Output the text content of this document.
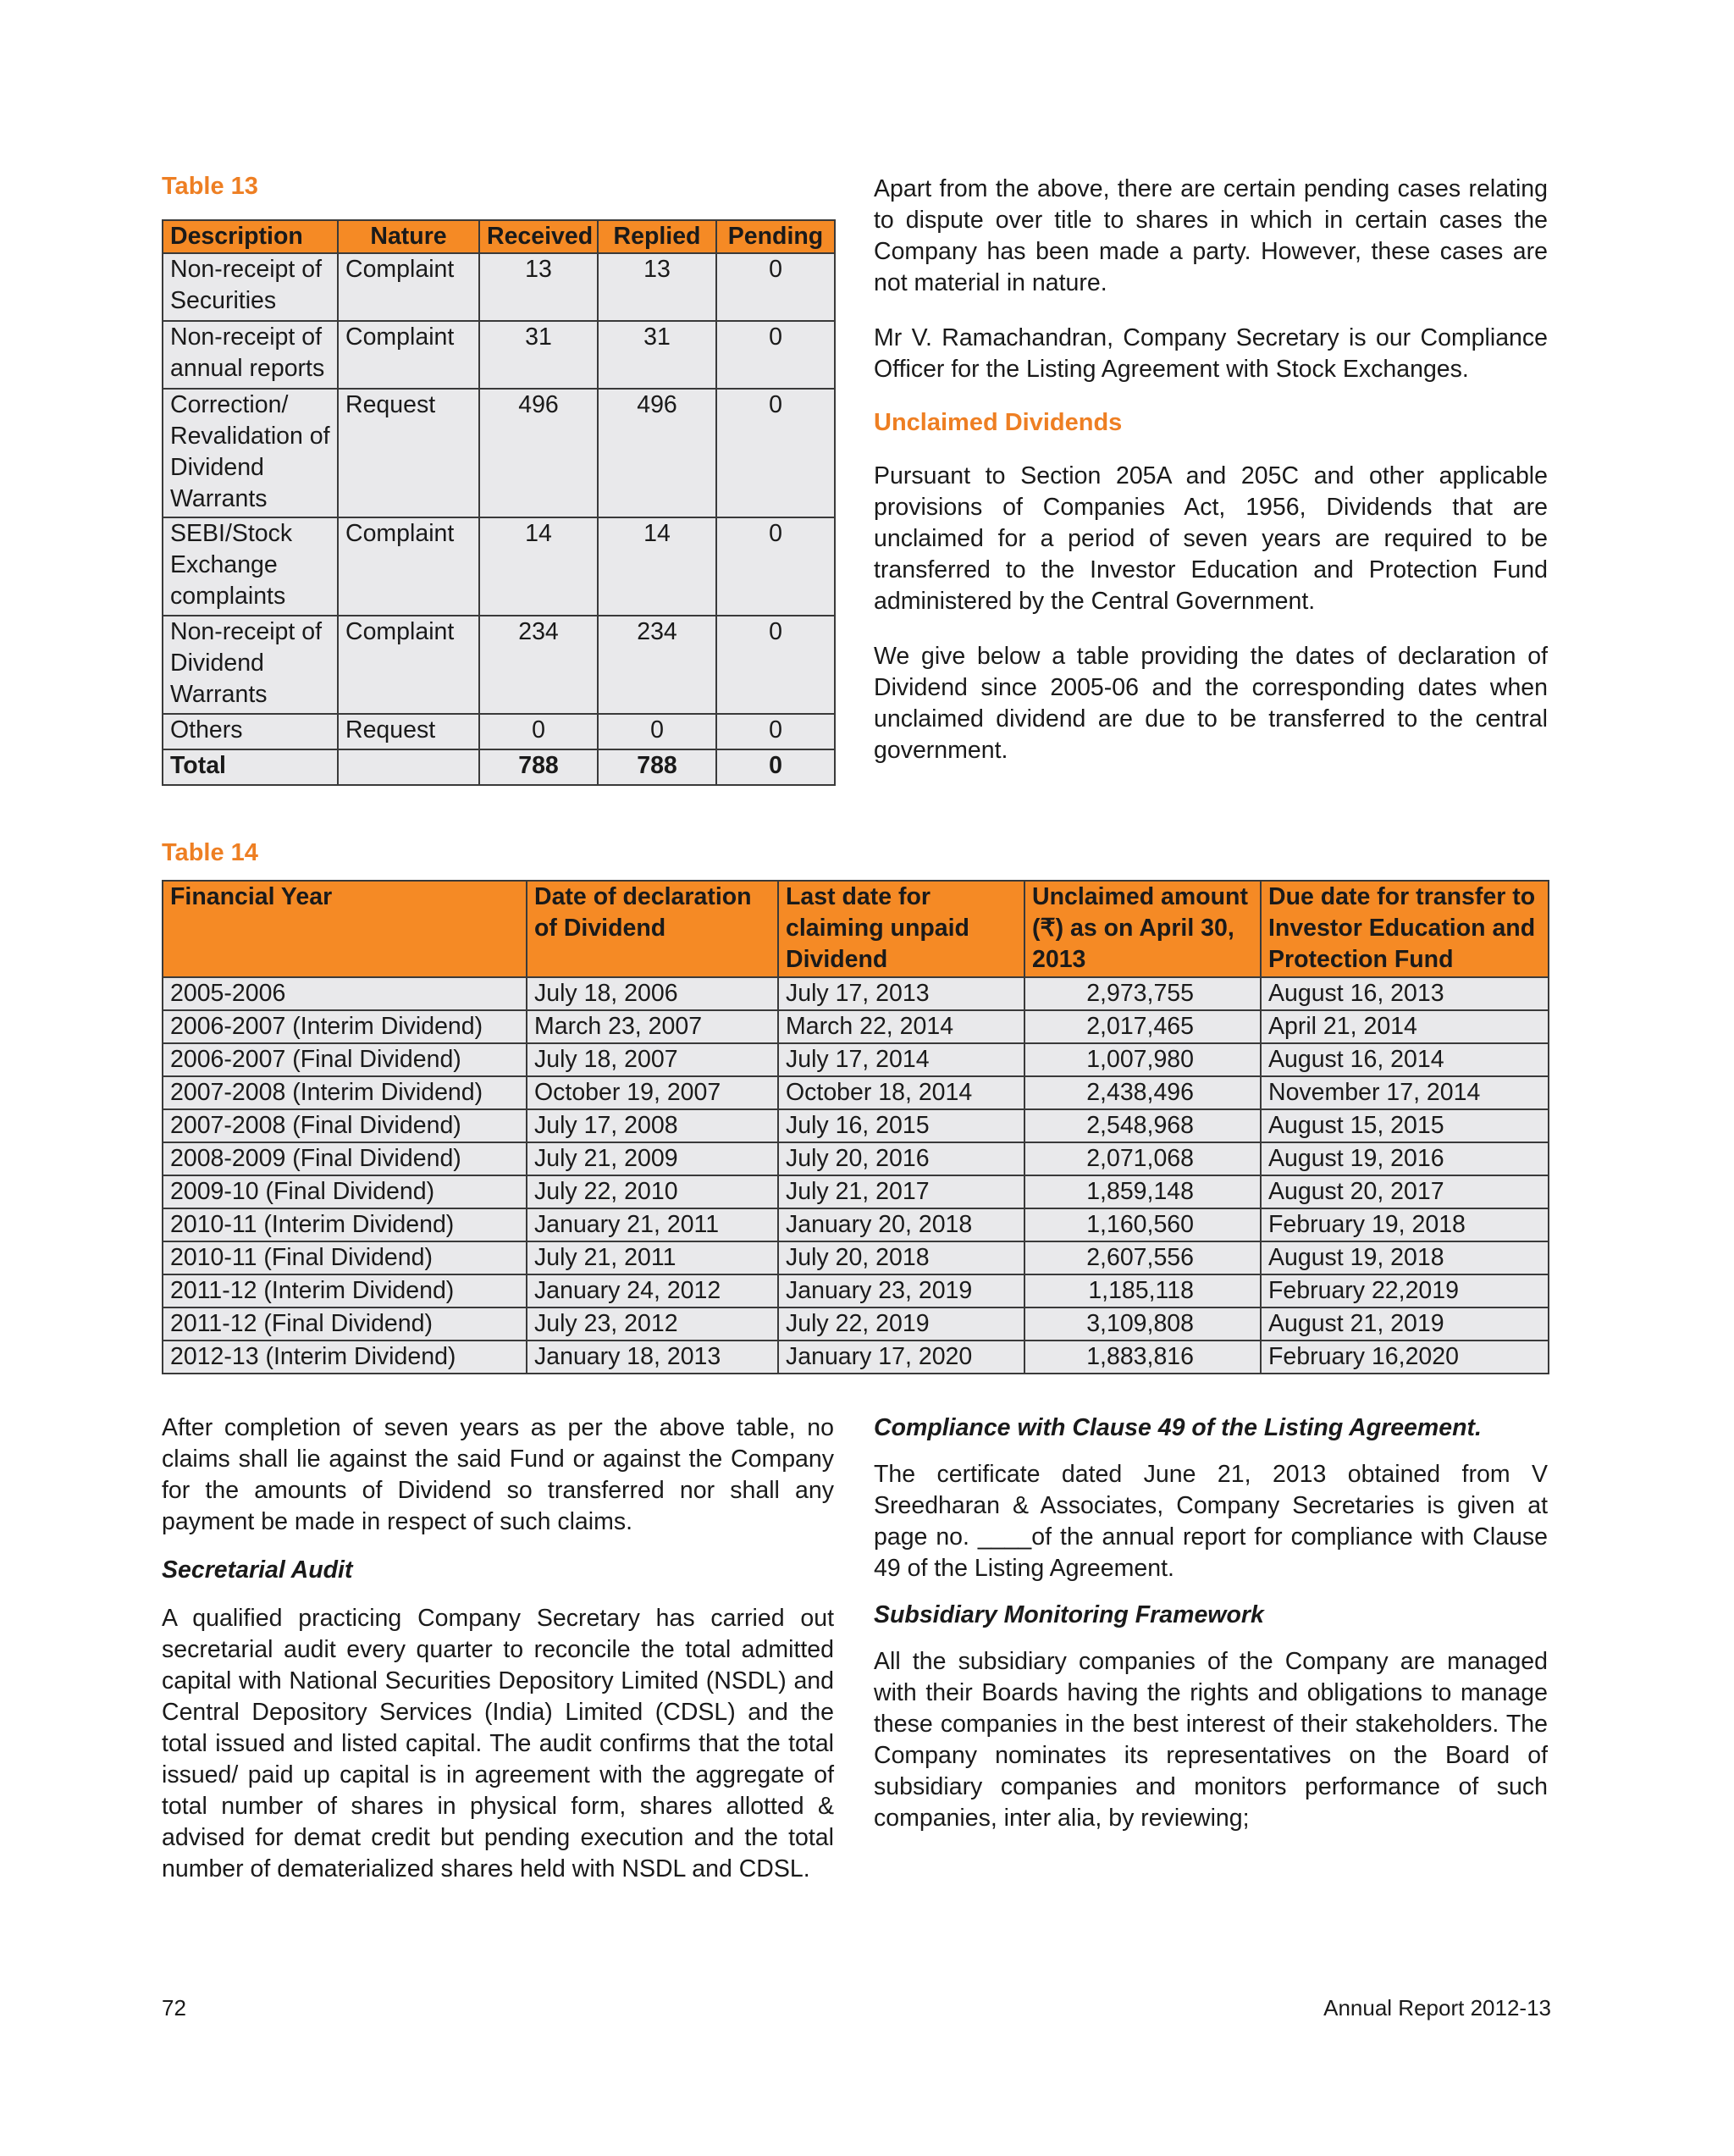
Table 13
Description	Nature	Received	Replied	Pending
Non-receipt of Securities	Complaint	13	13	0
Non-receipt of annual reports	Complaint	31	31	0
Correction/ Revalidation of Dividend Warrants	Request	496	496	0
SEBI/Stock Exchange complaints	Complaint	14	14	0
Non-receipt of Dividend Warrants	Complaint	234	234	0
Others	Request	0	0	0
Total		788	788	0

Apart from the above, there are certain pending cases relating to dispute over title to shares in which in certain cases the Company has been made a party. However, these cases are not material in nature.

Mr V. Ramachandran, Company Secretary is our Compliance Officer for the Listing Agreement with Stock Exchanges.

Unclaimed Dividends

Pursuant to Section 205A and 205C and other applicable provisions of Companies Act, 1956, Dividends that are unclaimed for a period of seven years are required to be transferred to the Investor Education and Protection Fund administered by the Central Government.

We give below a table providing the dates of declaration of Dividend since 2005-06 and the corresponding dates when unclaimed dividend are due to be transferred to the central government.

Table 14
Financial Year	Date of declaration of Dividend	Last date for claiming unpaid Dividend	Unclaimed amount (₹) as on April 30, 2013	Due date for transfer to Investor Education and Protection Fund
2005-2006	July 18, 2006	July 17, 2013	2,973,755	August 16, 2013
2006-2007 (Interim Dividend)	March 23, 2007	March 22, 2014	2,017,465	April 21, 2014
2006-2007 (Final Dividend)	July 18, 2007	July 17, 2014	1,007,980	August 16, 2014
2007-2008 (Interim Dividend)	October 19, 2007	October 18, 2014	2,438,496	November 17, 2014
2007-2008 (Final Dividend)	July 17, 2008	July 16, 2015	2,548,968	August 15, 2015
2008-2009 (Final Dividend)	July 21, 2009	July 20, 2016	2,071,068	August 19, 2016
2009-10 (Final Dividend)	July 22, 2010	July 21, 2017	1,859,148	August 20, 2017
2010-11 (Interim Dividend)	January 21, 2011	January 20, 2018	1,160,560	February 19, 2018
2010-11 (Final Dividend)	July 21, 2011	July 20, 2018	2,607,556	August 19, 2018
2011-12 (Interim Dividend)	January 24, 2012	January 23, 2019	1,185,118	February 22,2019
2011-12 (Final Dividend)	July 23, 2012	July 22, 2019	3,109,808	August 21, 2019
2012-13 (Interim Dividend)	January 18, 2013	January 17, 2020	1,883,816	February 16,2020

After completion of seven years as per the above table, no claims shall lie against the said Fund or against the Company for the amounts of Dividend so transferred nor shall any payment be made in respect of such claims.

Secretarial Audit

A qualified practicing Company Secretary has carried out secretarial audit every quarter to reconcile the total admitted capital with National Securities Depository Limited (NSDL) and Central Depository Services (India) Limited (CDSL) and the total issued and listed capital. The audit confirms that the total issued/ paid up capital is in agreement with the aggregate of total number of shares in physical form, shares allotted & advised for demat credit but pending execution and the total number of dematerialized shares held with NSDL and CDSL.

Compliance with Clause 49 of the Listing Agreement.

The certificate dated June 21, 2013 obtained from V Sreedharan & Associates, Company Secretaries is given at page no. ____of the annual report for compliance with Clause 49 of the Listing Agreement.

Subsidiary Monitoring Framework

All the subsidiary companies of the Company are managed with their Boards having the rights and obligations to manage these companies in the best interest of their stakeholders. The Company nominates its representatives on the Board of subsidiary companies and monitors performance of such companies, inter alia, by reviewing;

72	Annual Report 2012-13
